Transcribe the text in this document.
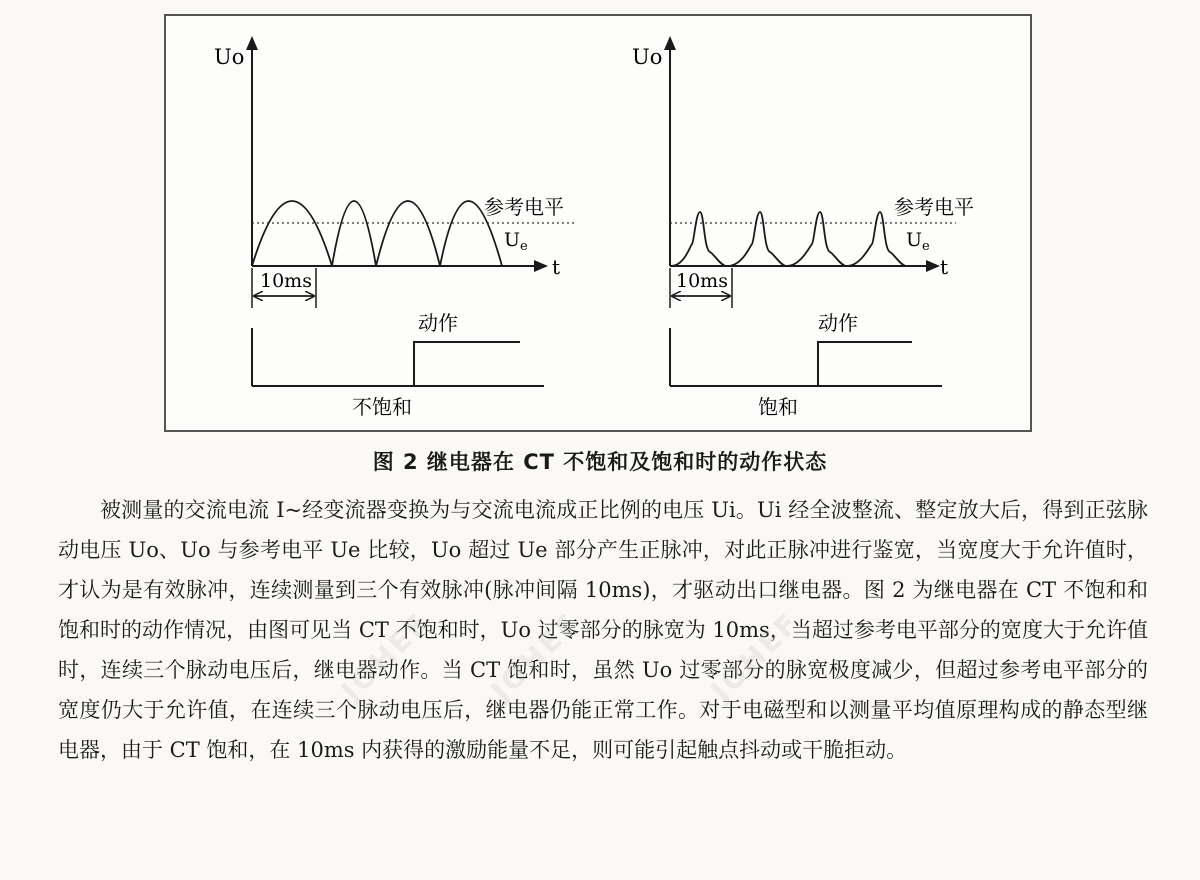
Uo
t
参考电平
$U_e$
10ms
动作
不饱和
Uo
t
参考电平
$U_e$
10ms
动作
饱和
图 2 继电器在 CT 不饱和及饱和时的动作状态

被测量的交流电流 I~经变流器变换为与交流电流成正比例的电压 Ui。Ui 经全波整流、整定放大后，得到正弦脉动电压 Uo、Uo 与参考电平 Ue 比较，Uo 超过 Ue 部分产生正脉冲，对此正脉冲进行鉴宽，当宽度大于允许值时，才认为是有效脉冲，连续测量到三个有效脉冲(脉冲间隔 10ms)，才驱动出口继电器。图 2 为继电器在 CT 不饱和和饱和时的动作情况，由图可见当 CT 不饱和时，Uo 过零部分的脉宽为 10ms，当超过参考电平部分的宽度大于允许值时，连续三个脉动电压后，继电器动作。当 CT 饱和时，虽然 Uo 过零部分的脉宽极度减少，但超过参考电平部分的宽度仍大于允许值，在连续三个脉动电压后，继电器仍能正常工作。对于电磁型和以测量平均值原理构成的静态型继电器，由于 CT 饱和，在 10ms 内获得的激励能量不足，则可能引起触点抖动或干脆拒动。

JOHEF JOHEF	JOHEF
